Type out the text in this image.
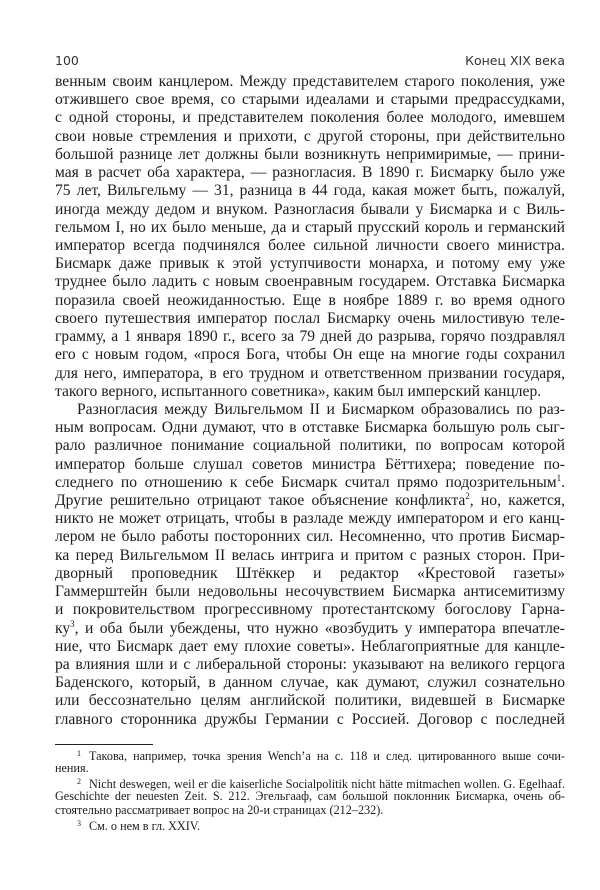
100	Конец XIX века
венным своим канцлером. Между представителем старого поколения, уже
отжившего свое время, со старыми идеалами и старыми предрассудками,
с одной стороны, и представителем поколения более молодого, имевшем
свои новые стремления и прихоти, с другой стороны, при действительно
большой разнице лет должны были возникнуть непримиримые, — прини-
мая в расчет оба характера, — разногласия. В 1890 г. Бисмарку было уже
75 лет, Вильгельму — 31, разница в 44 года, какая может быть, пожалуй,
иногда между дедом и внуком. Разногласия бывали у Бисмарка и с Виль-
гельмом I, но их было меньше, да и старый прусский король и германский
император всегда подчинялся более сильной личности своего министра.
Бисмарк даже привык к этой уступчивости монарха, и потому ему уже
труднее было ладить с новым своенравным государем. Отставка Бисмарка
поразила своей неожиданностью. Еще в ноябре 1889 г. во время одного
своего путешествия император послал Бисмарку очень милостивую теле-
грамму, а 1 января 1890 г., всего за 79 дней до разрыва, горячо поздравлял
его с новым годом, «прося Бога, чтобы Он еще на многие годы сохранил
для него, императора, в его трудном и ответственном призвании государя,
такого верного, испытанного советника», каким был имперский канцлер.
Разногласия между Вильгельмом II и Бисмарком образовались по раз-
ным вопросам. Одни думают, что в отставке Бисмарка большую роль сыг-
рало различное понимание социальной политики, по вопросам которой
император больше слушал советов министра Бёттихера; поведение по-
следнего по отношению к себе Бисмарк считал прямо подозрительным$^1$.
Другие решительно отрицают такое объяснение конфликта$^2$, но, кажется,
никто не может отрицать, чтобы в разладе между императором и его канц-
лером не было работы посторонних сил. Несомненно, что против Бисмар-
ка перед Вильгельмом II велась интрига и притом с разных сторон. При-
дворный проповедник Штёккер и редактор «Крестовой газеты»
Гаммерштейн были недовольны несочувствием Бисмарка антисемитизму
и покровительством прогрессивному протестантскому богослову Гарна-
$ку^3$, и оба были убеждены, что нужно «возбудить у императора впечатле-
ние, что Бисмарк дает ему плохие советы». Неблагоприятные для канцле-
ра влияния шли и с либеральной стороны: указывают на великого герцога
Баденского, который, в данном случае, как думают, служил сознательно
или бессознательно целям английской политики, видевшей в Бисмарке
главного сторонника дружбы Германии с Россией. Договор с последней
$^1$ Такова, например, точка зрения Wench’a на с. 118 и след. цитированного выше сочи-
нения.
$^2$ Nicht deswegen, weil er die kaiserliche Socialpolitik nicht hätte mitmachen wollen. G. Egelhaaf.
Geschichte der neuesten Zeit. S. 212. Эгельгааф, сам большой поклонник Бисмарка, очень об-
стоятельно рассматривает вопрос на 20-и страницах (212–232).
$^3$ См. о нем в гл. XXIV.
